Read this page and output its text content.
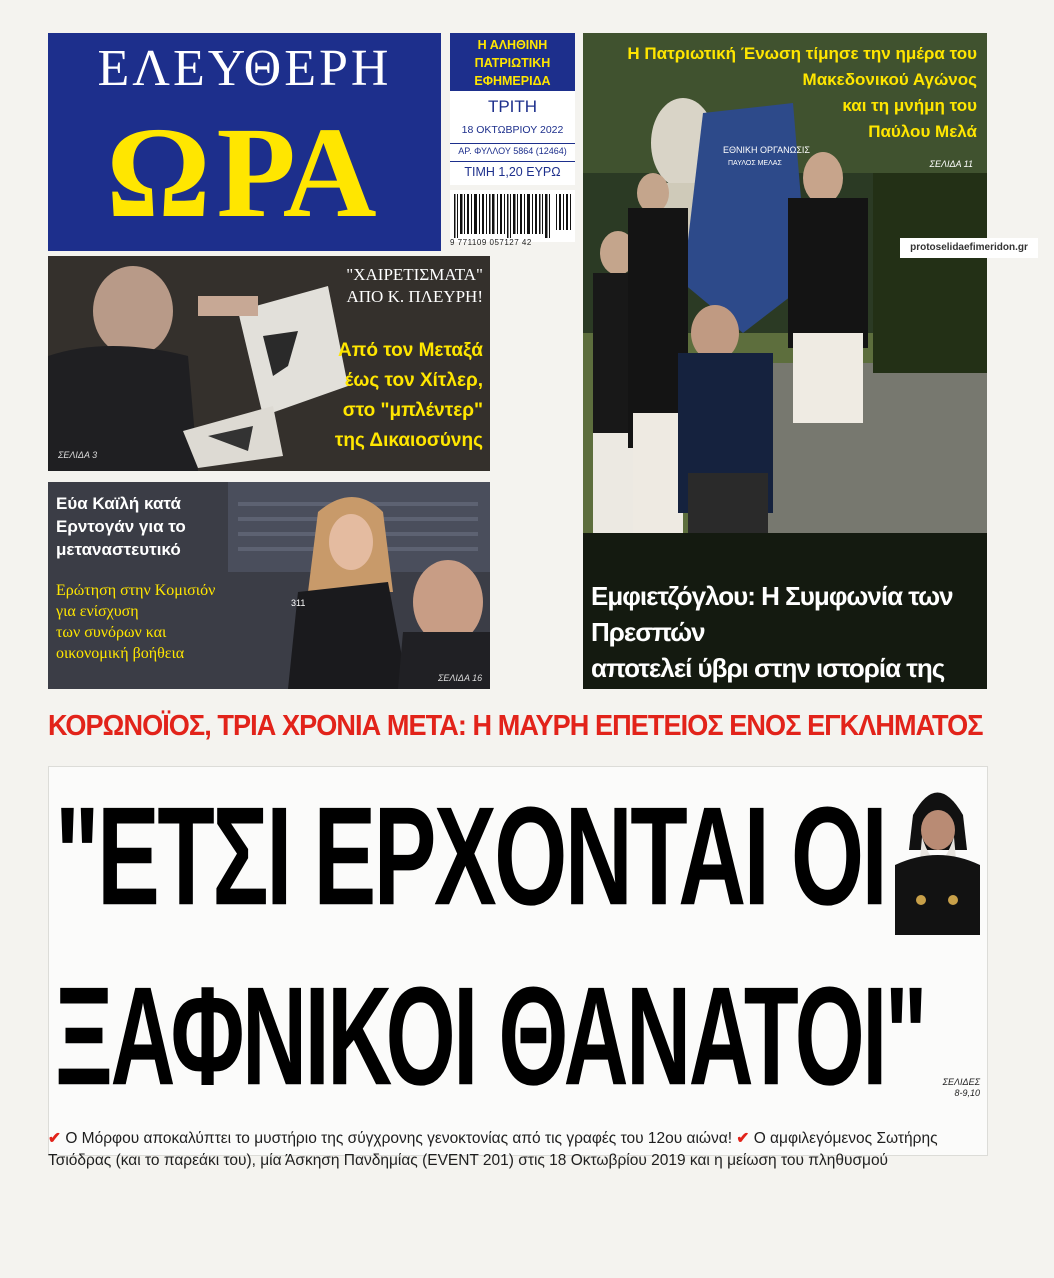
ΕΛΕΥΘΕΡΗ
ΩΡΑ
Η ΑΛΗΘΙΝΗ
ΠΑΤΡΙΩΤΙΚΗ
ΕΦΗΜΕΡΙΔΑ
ΤΡΙΤΗ
18 ΟΚΤΩΒΡΙΟΥ 2022
ΑΡ. ΦΥΛΛΟΥ 5864 (12464)
ΤΙΜΗ 1,20 ΕΥΡΩ
9 771109 057127 42
ΕΘΝΙΚΗ ΟΡΓΑΝΩΣΙΣ
ΠΑΥΛΟΣ ΜΕΛΑΣ
Η Πατριωτική Ένωση τίμησε την ημέρα του
Μακεδονικού Αγώνος
και τη μνήμη του
Παύλου Μελά
ΣΕΛΙΔΑ 11
Εμφιετζόγλου: Η Συμφωνία των Πρεσπών
αποτελεί ύβρι στην ιστορία της
protoselidaefimeridon.gr
"ΧΑΙΡΕΤΙΣΜΑΤΑ"
ΑΠΟ Κ. ΠΛΕΥΡΗ!
Από τον Μεταξά
έως τον Χίτλερ,
στο "μπλέντερ"
της Δικαιοσύνης
ΣΕΛΙΔΑ 3
311
Εύα Καϊλή κατά
Ερντογάν για το
μεταναστευτικό
Ερώτηση στην Κομισιόν
για ενίσχυση
των συνόρων και
οικονομική βοήθεια
ΣΕΛΙΔΑ 16
ΚΟΡΩΝΟΪΟΣ, ΤΡΙΑ ΧΡΟΝΙΑ ΜΕΤΑ: Η ΜΑΥΡΗ ΕΠΕΤΕΙΟΣ ΕΝΟΣ ΕΓΚΛΗΜΑΤΟΣ
"ΕΤΣΙ ΕΡΧΟΝΤΑΙ ΟΙ
ΞΑΦΝΙΚΟΙ ΘΑΝΑΤΟΙ"	ΣΕΛΙΔΕΣ
8-9,10
✔ Ο Μόρφου αποκαλύπτει το μυστήριο της σύγχρονης γενοκτονίας από τις γραφές του 12ου αιώνα! ✔ Ο αμφιλεγόμενος Σωτήρης Τσιόδρας (και το παρεάκι του), μία Άσκηση Πανδημίας (EVENT 201) στις 18 Οκτωβρίου 2019 και η μείωση του πληθυσμού
